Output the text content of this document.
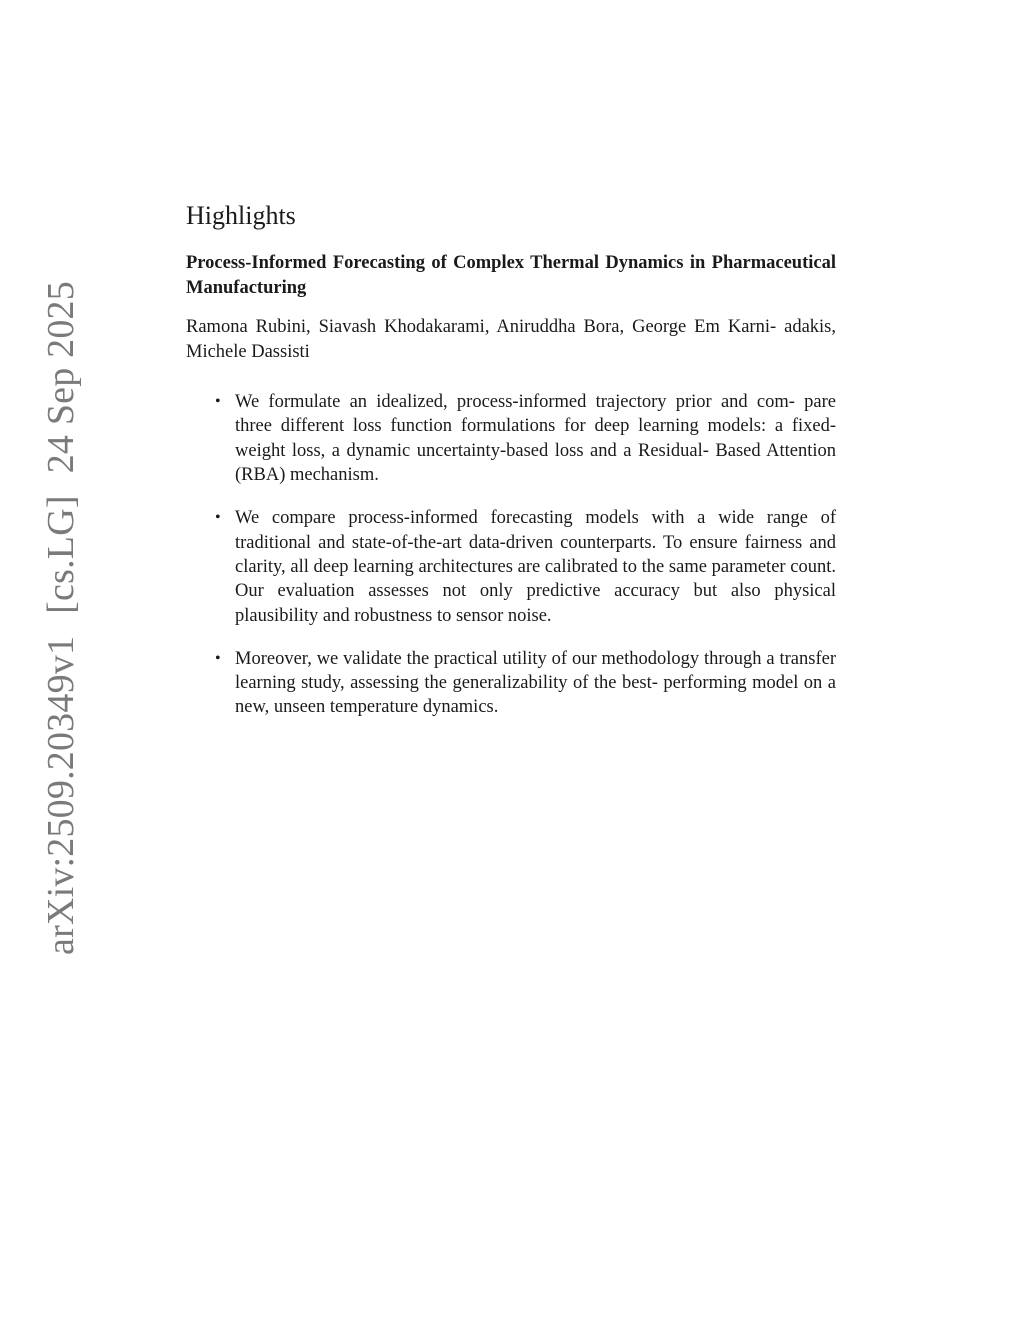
arXiv:2509.20349v1[cs.LG]24 Sep 2025
Highlights
Process-Informed Forecasting of Complex Thermal Dynamics in Pharmaceutical Manufacturing
Ramona Rubini, Siavash Khodakarami, Aniruddha Bora, George Em Karni- adakis, Michele Dassisti
• We formulate an idealized, process-informed trajectory prior and com- pare three different loss function formulations for deep learning models: a fixed-weight loss, a dynamic uncertainty-based loss and a Residual- Based Attention (RBA) mechanism.
• We compare process-informed forecasting models with a wide range of traditional and state-of-the-art data-driven counterparts. To ensure fairness and clarity, all deep learning architectures are calibrated to the same parameter count. Our evaluation assesses not only predictive accuracy but also physical plausibility and robustness to sensor noise.
• Moreover, we validate the practical utility of our methodology through a transfer learning study, assessing the generalizability of the best- performing model on a new, unseen temperature dynamics.
